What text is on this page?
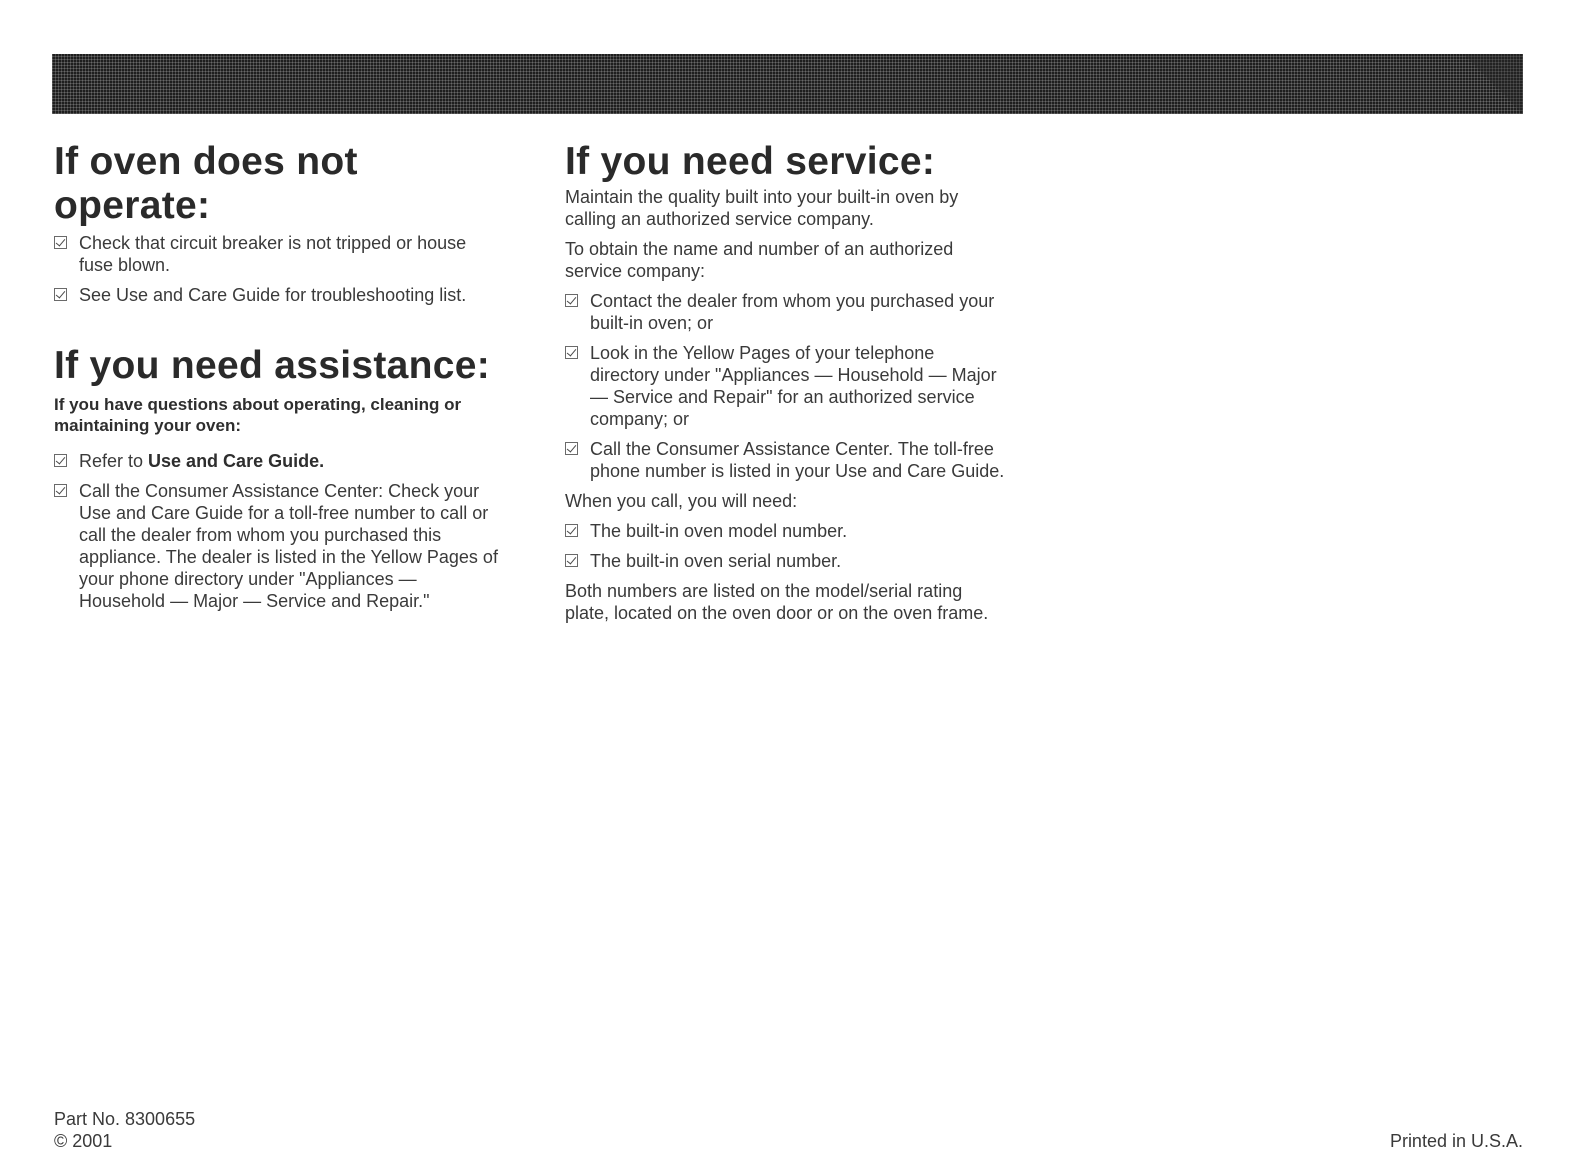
If oven does not operate:
Check that circuit breaker is not tripped or house fuse blown.
See Use and Care Guide for troubleshooting list.
If you need assistance:
If you have questions about operating, cleaning or maintaining your oven:
Refer to Use and Care Guide.
Call the Consumer Assistance Center: Check your Use and Care Guide for a toll-free number to call or call the dealer from whom you purchased this appliance. The dealer is listed in the Yellow Pages of your phone directory under "Appliances — Household — Major — Service and Repair."
If you need service:

Maintain the quality built into your built-in oven by calling an authorized service company.

To obtain the name and number of an authorized service company:

Contact the dealer from whom you purchased your built-in oven; or
Look in the Yellow Pages of your telephone directory under "Appliances — Household — Major — Service and Repair" for an authorized service company; or
Call the Consumer Assistance Center. The toll-free phone number is listed in your Use and Care Guide.

When you call, you will need:

The built-in oven model number.
The built-in oven serial number.

Both numbers are listed on the model/serial rating plate, located on the oven door or on the oven frame.

Part No. 8300655
© 2001	Printed in U.S.A.
